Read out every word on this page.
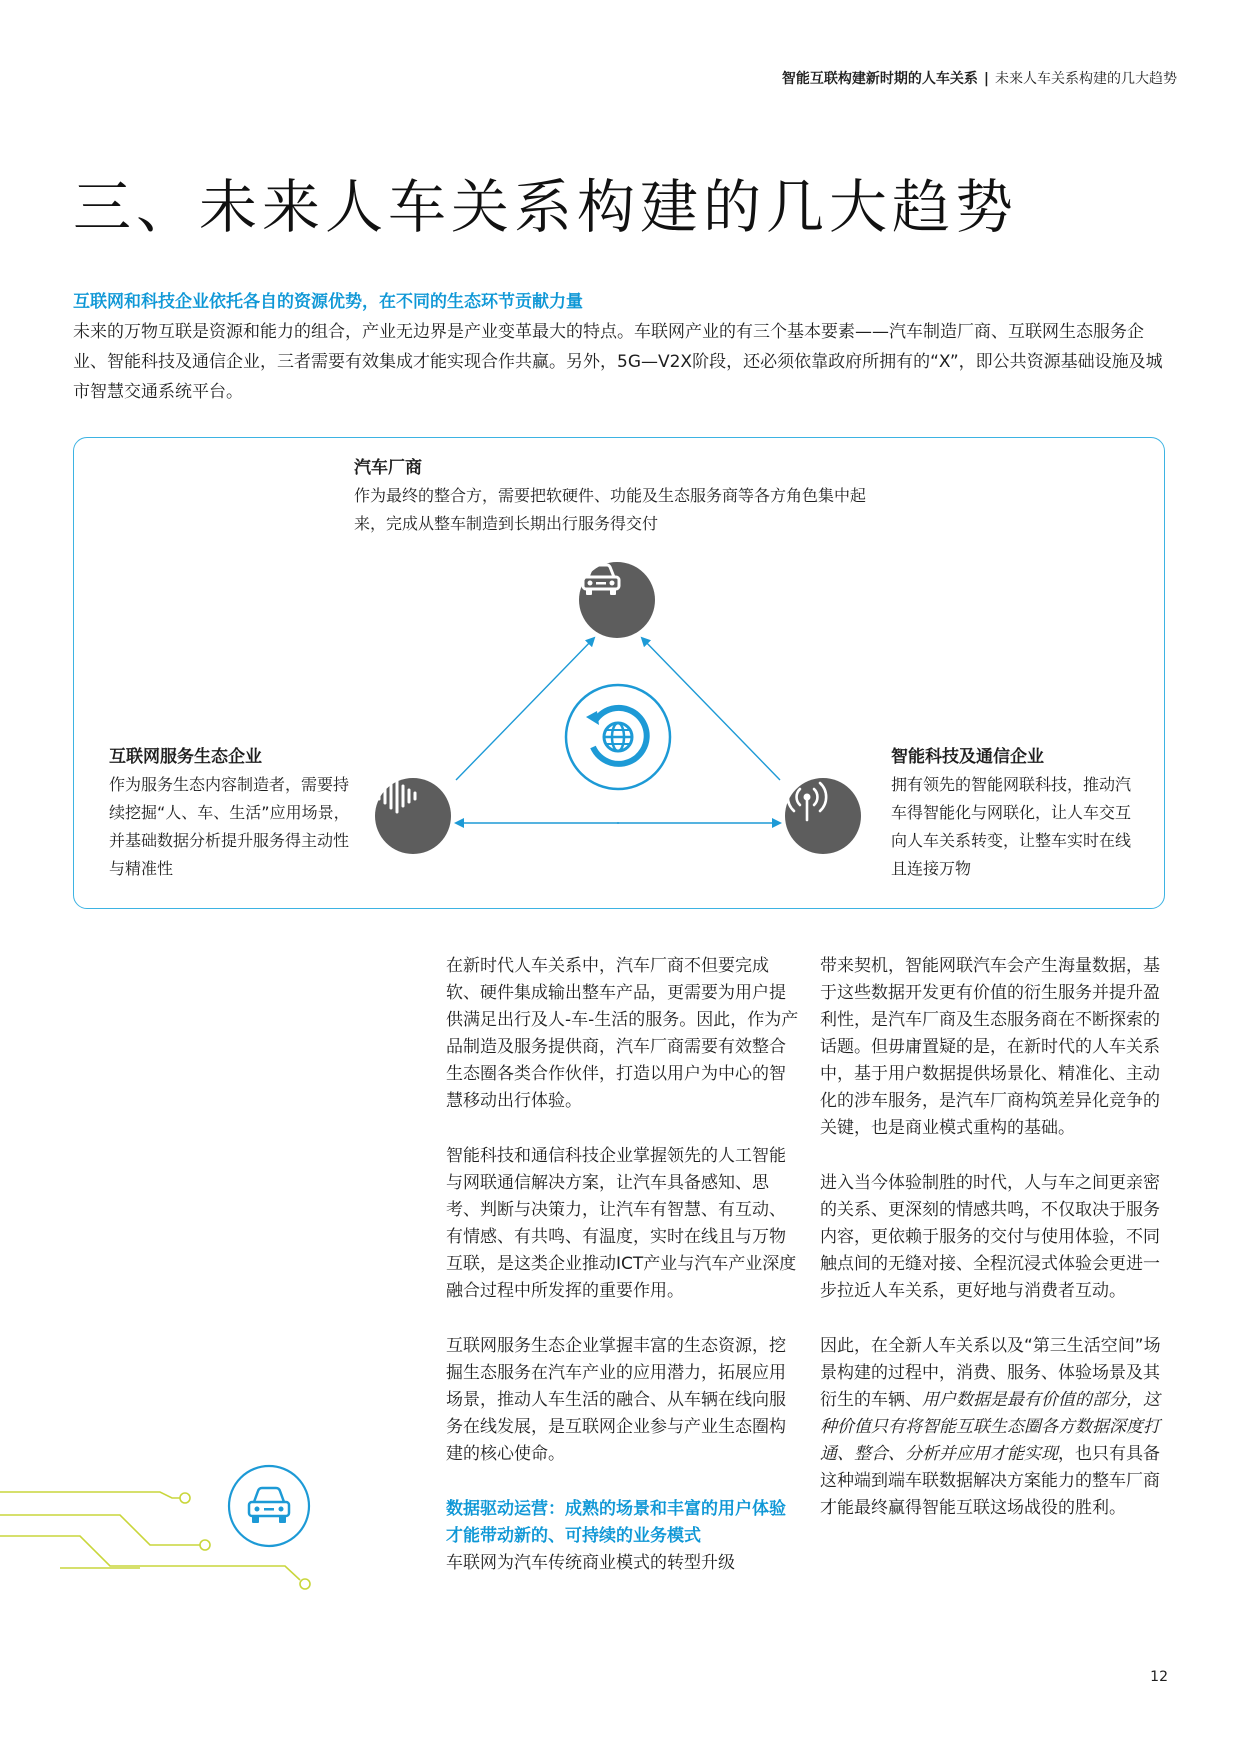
智能互联构建新时期的人车关系 | 未来人车关系构建的几大趋势
三、未来人车关系构建的几大趋势
互联网和科技企业依托各自的资源优势，在不同的生态环节贡献力量

未来的万物互联是资源和能力的组合，产业无边界是产业变革最大的特点。车联网产业的有三个基本要素——汽车制造厂商、互联网生态服务企业、智能科技及通信企业，三者需要有效集成才能实现合作共赢。另外，5G—V2X阶段，还必须依靠政府所拥有的“X”，即公共资源基础设施及城市智慧交通系统平台。

汽车厂商

作为最终的整合方，需要把软硬件、功能及生态服务商等各方角色集中起来，完成从整车制造到长期出行服务得交付

互联网服务生态企业

作为服务生态内容制造者，需要持续挖掘“人、车、生活”应用场景，并基础数据分析提升服务得主动性与精准性

智能科技及通信企业

拥有领先的智能网联科技，推动汽车得智能化与网联化，让人车交互向人车关系转变，让整车实时在线且连接万物

在新时代人车关系中，汽车厂商不但要完成软、硬件集成输出整车产品，更需要为用户提供满足出行及人-车-生活的服务。因此，作为产品制造及服务提供商，汽车厂商需要有效整合生态圈各类合作伙伴，打造以用户为中心的智慧移动出行体验。

智能科技和通信科技企业掌握领先的人工智能与网联通信解决方案，让汽车具备感知、思考、判断与决策力，让汽车有智慧、有互动、有情感、有共鸣、有温度，实时在线且与万物互联，是这类企业推动ICT产业与汽车产业深度融合过程中所发挥的重要作用。

互联网服务生态企业掌握丰富的生态资源，挖掘生态服务在汽车产业的应用潜力，拓展应用场景，推动人车生活的融合、从车辆在线向服务在线发展，是互联网企业参与产业生态圈构建的核心使命。

数据驱动运营：成熟的场景和丰富的用户体验才能带动新的、可持续的业务模式

车联网为汽车传统商业模式的转型升级

带来契机，智能网联汽车会产生海量数据，基于这些数据开发更有价值的衍生服务并提升盈利性，是汽车厂商及生态服务商在不断探索的话题。但毋庸置疑的是，在新时代的人车关系中，基于用户数据提供场景化、精准化、主动化的涉车服务，是汽车厂商构筑差异化竞争的关键，也是商业模式重构的基础。

进入当今体验制胜的时代，人与车之间更亲密的关系、更深刻的情感共鸣，不仅取决于服务内容，更依赖于服务的交付与使用体验，不同触点间的无缝对接、全程沉浸式体验会更进一步拉近人车关系，更好地与消费者互动。

因此，在全新人车关系以及“第三生活空间”场景构建的过程中，消费、服务、体验场景及其衍生的车辆、用户数据是最有价值的部分，这种价值只有将智能互联生态圈各方数据深度打通、整合、分析并应用才能实现，也只有具备这种端到端车联数据解决方案能力的整车厂商才能最终赢得智能互联这场战役的胜利。

12
